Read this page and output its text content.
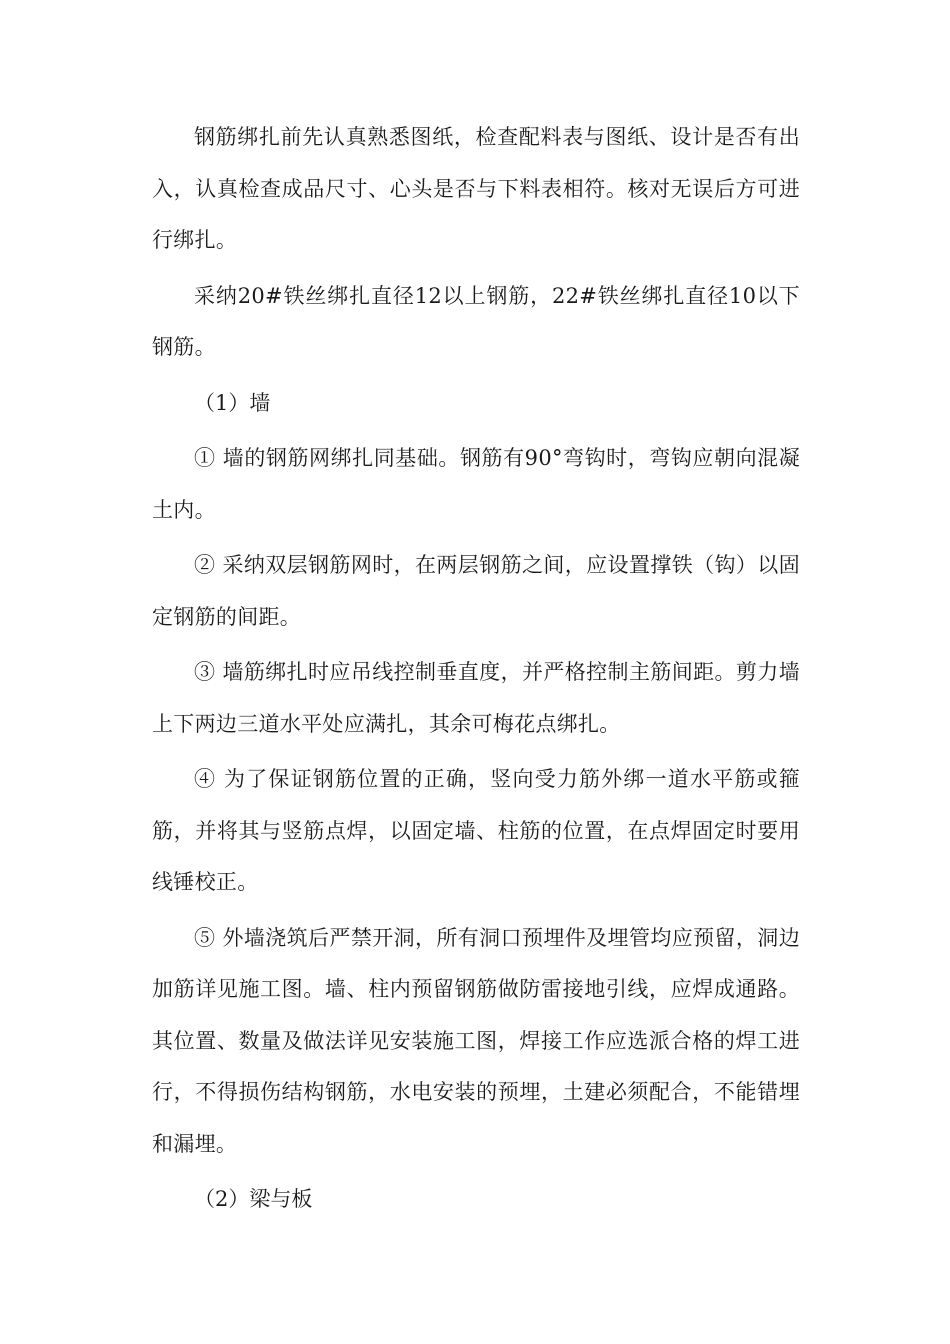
钢筋绑扎前先认真熟悉图纸，检查配料表与图纸、设计是否有出入，认真检查成品尺寸、心头是否与下料表相符。核对无误后方可进行绑扎。

采纳20#铁丝绑扎直径12以上钢筋，22#铁丝绑扎直径10以下钢筋。

（1）墙

① 墙的钢筋网绑扎同基础。钢筋有90°弯钩时，弯钩应朝向混凝土内。

② 采纳双层钢筋网时，在两层钢筋之间，应设置撑铁（钩）以固定钢筋的间距。

③ 墙筋绑扎时应吊线控制垂直度，并严格控制主筋间距。剪力墙上下两边三道水平处应满扎，其余可梅花点绑扎。

④ 为了保证钢筋位置的正确，竖向受力筋外绑一道水平筋或箍筋，并将其与竖筋点焊，以固定墙、柱筋的位置，在点焊固定时要用线锤校正。

⑤ 外墙浇筑后严禁开洞，所有洞口预埋件及埋管均应预留，洞边加筋详见施工图。墙、柱内预留钢筋做防雷接地引线，应焊成通路。其位置、数量及做法详见安装施工图，焊接工作应选派合格的焊工进行，不得损伤结构钢筋，水电安装的预埋，土建必须配合，不能错埋和漏埋。

（2）梁与板
